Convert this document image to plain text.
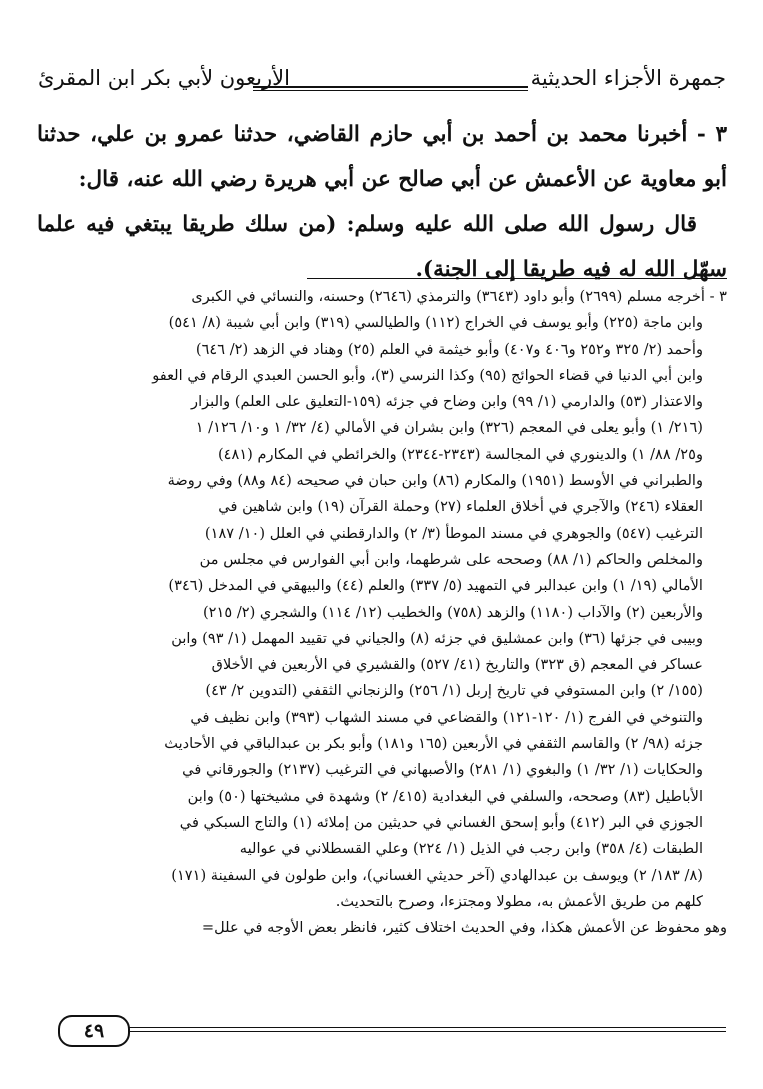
جمهرة الأجزاء الحديثية
الأربعون لأبي بكر ابن المقرئ

٣ - أخبرنا محمد بن أحمد بن أبي حازم القاضي، حدثنا عمرو بن علي، حدثنا أبو معاوية عن الأعمش عن أبي صالح عن أبي هريرة رضي الله عنه، قال:

قال رسول الله صلى الله عليه وسلم: (من سلك طريقا يبتغي فيه علما سهّل الله له فيه طريقا إلى الجنة).

٣ - أخرجه مسلم (٢٦٩٩) وأبو داود (٣٦٤٣) والترمذي (٢٦٤٦) وحسنه، والنسائي في الكبرى
وابن ماجة (٢٢٥) وأبو يوسف في الخراج (١١٢) والطيالسي (٣١٩) وابن أبي شيبة (٨/ ٥٤١)
وأحمد (٢/ ٣٢٥ و٢٥٢ و٤٠٦ و٤٠٧) وأبو خيثمة في العلم (٢٥) وهناد في الزهد (٢/ ٦٤٦)
وابن أبي الدنيا في قضاء الحوائج (٩٥) وكذا النرسي (٣)، وأبو الحسن العبدي الرقام في العفو
والاعتذار (٥٣) والدارمي (١/ ٩٩) وابن وضاح في جزئه (١٥٩-التعليق على العلم) والبزار
(٢١٦/ ١) وأبو يعلى في المعجم (٣٢٦) وابن بشران في الأمالي (٤/ ٣٢/ ١ و١٠/ ١٢٦/ ١
و٢٥/ ٨٨/ ١) والدينوري في المجالسة (٢٣٤٣-٢٣٤٤) والخرائطي في المكارم (٤٨١)
والطبراني في الأوسط (١٩٥١) والمكارم (٨٦) وابن حبان في صحيحه (٨٤ و٨٨) وفي روضة
العقلاء (٢٤٦) والآجري في أخلاق العلماء (٢٧) وحملة القرآن (١٩) وابن شاهين في
الترغيب (٥٤٧) والجوهري في مسند الموطأ (٣/ ٢) والدارقطني في العلل (١٠/ ١٨٧)
والمخلص والحاكم (١/ ٨٨) وصححه على شرطهما، وابن أبي الفوارس في مجلس من
الأمالي (١٩/ ١) وابن عبدالبر في التمهيد (٥/ ٣٣٧) والعلم (٤٤) والبيهقي في المدخل (٣٤٦)
والأربعين (٢) والآداب (١١٨٠) والزهد (٧٥٨) والخطيب (١٢/ ١١٤) والشجري (٢/ ٢١٥)
وبيبى في جزئها (٣٦) وابن عمشليق في جزئه (٨) والجياني في تقييد المهمل (١/ ٩٣) وابن
عساكر في المعجم (ق ٣٢٣) والتاريخ (٤١/ ٥٢٧) والقشيري في الأربعين في الأخلاق
(١٥٥/ ٢) وابن المستوفي في تاريخ إربل (١/ ٢٥٦) والزنجاني الثقفي (التدوين ٢/ ٤٣)
والتنوخي في الفرج (١/ ١٢٠-١٢١) والقضاعي في مسند الشهاب (٣٩٣) وابن نظيف في
جزئه (٩٨/ ٢) والقاسم الثقفي في الأربعين (١٦٥ و١٨١) وأبو بكر بن عبدالباقي في الأحاديث
والحكايات (١/ ٣٢/ ١) والبغوي (١/ ٢٨١) والأصبهاني في الترغيب (٢١٣٧) والجورقاني في
الأباطيل (٨٣) وصححه، والسلفي في البغدادية (٤١٥/ ٢) وشهدة في مشيختها (٥٠) وابن
الجوزي في البر (٤١٢) وأبو إسحق الغساني في حديثين من إملائه (١) والتاج السبكي في
الطبقات (٤/ ٣٥٨) وابن رجب في الذيل (١/ ٢٢٤) وعلي القسطلاني في عواليه
(٨/ ١٨٣/ ٢) ويوسف بن عبدالهادي (آخر حديثي الغساني)، وابن طولون في السفينة (١٧١)
كلهم من طريق الأعمش به، مطولا ومجتزءا، وصرح بالتحديث.
وهو محفوظ عن الأعمش هكذا، وفي الحديث اختلاف كثير، فانظر بعض الأوجه في علل=
٤٩
